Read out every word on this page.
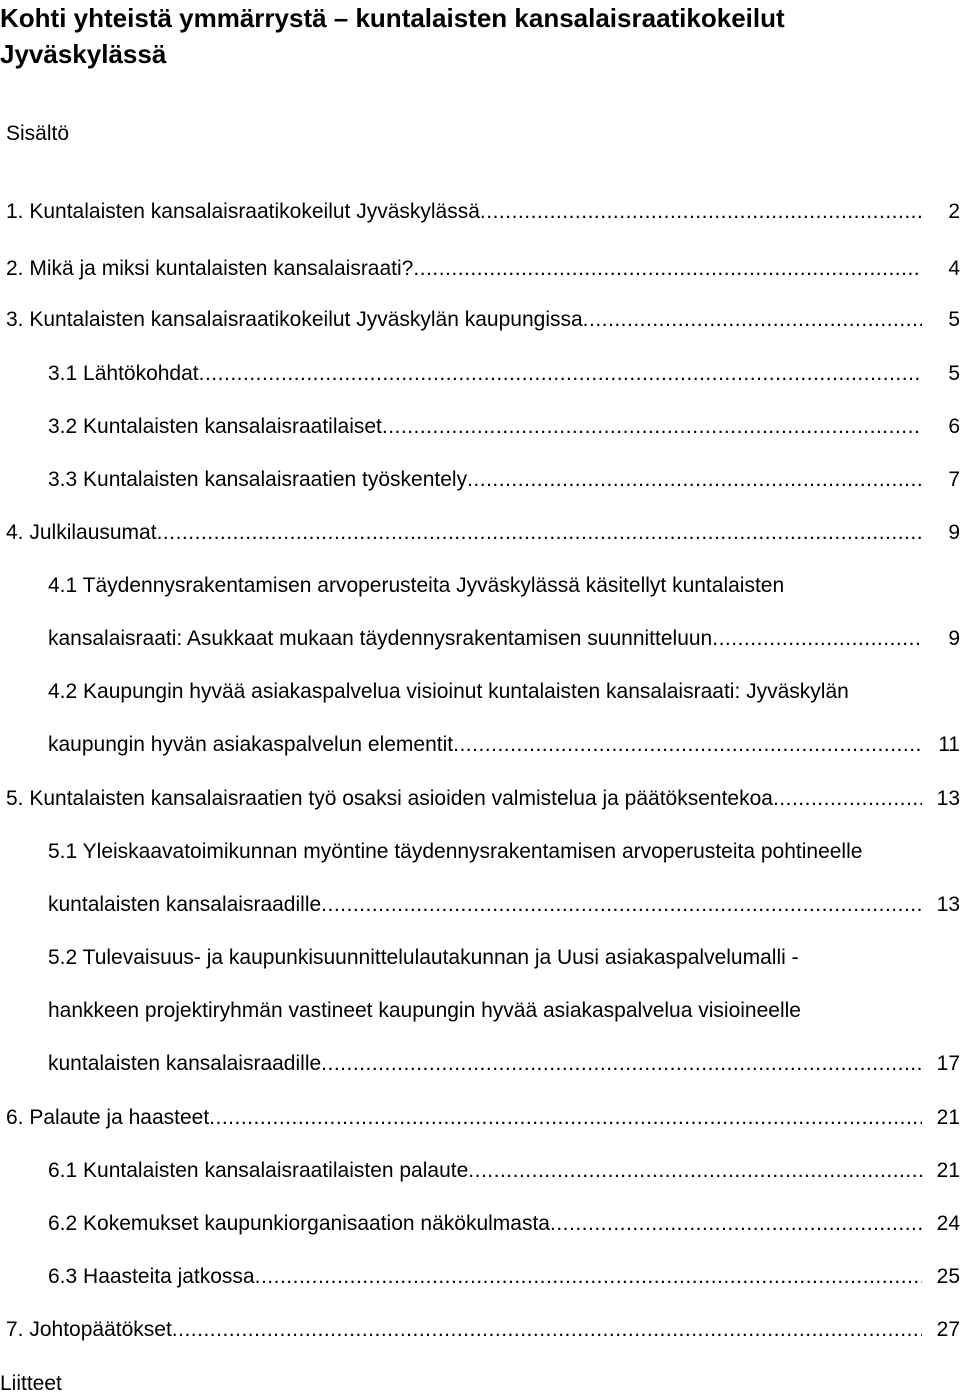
Kohti yhteistä ymmärrystä – kuntalaisten kansalaisraatikokeilut Jyväskylässä
Sisältö
1. Kuntalaisten kansalaisraatikokeilut Jyväskylässä .....	2
2. Mikä ja miksi kuntalaisten kansalaisraati? .....	4
3. Kuntalaisten kansalaisraatikokeilut Jyväskylän kaupungissa .....	5
3.1 Lähtökohdat .....	5
3.2 Kuntalaisten kansalaisraatilaiset .....	6
3.3 Kuntalaisten kansalaisraatien työskentely .....	7
4. Julkilausumat .....	9
4.1 Täydennysrakentamisen arvoperusteita Jyväskylässä käsitellyt kuntalaisten
kansalaisraati: Asukkaat mukaan täydennysrakentamisen suunnitteluun .....	9
4.2 Kaupungin hyvää asiakaspalvelua visioinut kuntalaisten kansalaisraati: Jyväskylän
kaupungin hyvän asiakaspalvelun elementit .....	11
5. Kuntalaisten kansalaisraatien työ osaksi asioiden valmistelua ja päätöksentekoa .....	13
5.1 Yleiskaavatoimikunnan myöntine täydennysrakentamisen arvoperusteita pohtineelle
kuntalaisten kansalaisraadille .....	13
5.2 Tulevaisuus- ja kaupunkisuunnittelulautakunnan ja Uusi asiakaspalvelumalli -
hankkeen projektiryhmän vastineet kaupungin hyvää asiakaspalvelua visioineelle
kuntalaisten kansalaisraadille .....	17
6. Palaute ja haasteet .....	21
6.1 Kuntalaisten kansalaisraatilaisten palaute .....	21
6.2 Kokemukset kaupunkiorganisaation näkökulmasta .....	24
6.3 Haasteita jatkossa .....	25
7. Johtopäätökset .....	27
Liitteet
